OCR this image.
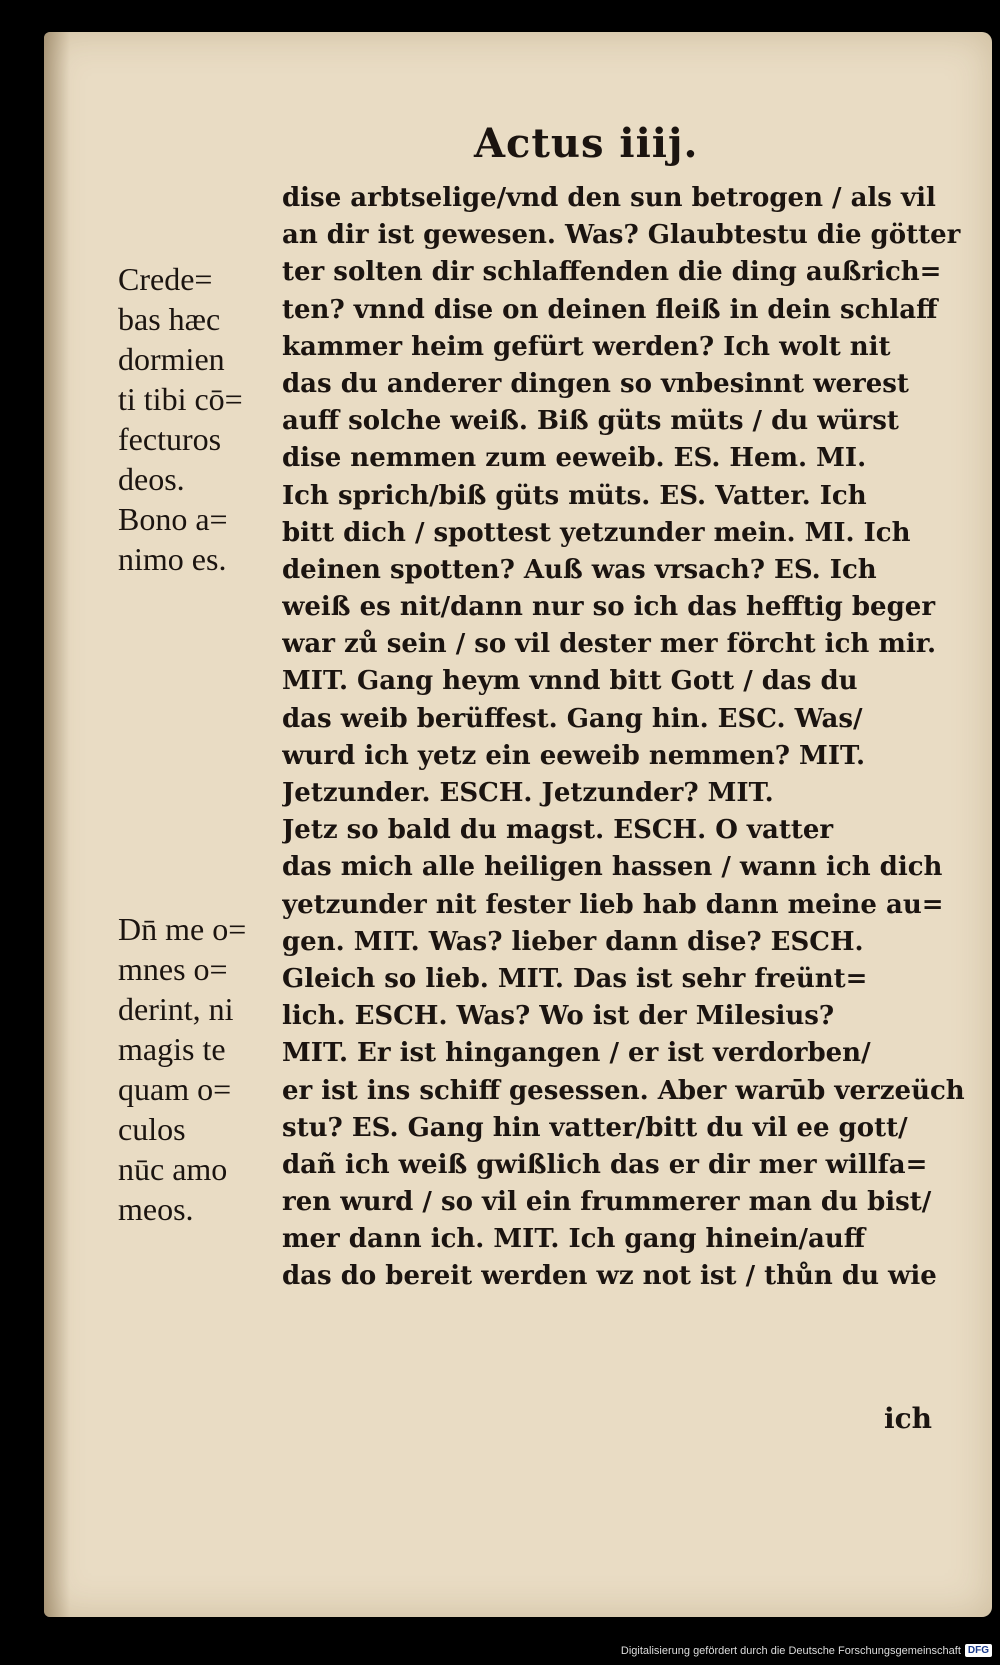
Actus iiij.
Crede=
bas hæc
dormien
ti tibi cō=
fecturos
deos.
Bono a=
nimo es.
Dn̄ me o=
mnes o=
derint, ni
magis te
quam o=
culos
nūc amo
meos.
dise arbtselige/vnd den sun betrogen / als vil
an dir ist gewesen. Was? Glaubtestu die götter
ter solten dir schlaffenden die ding außrich=
ten? vnnd dise on deinen fleiß in dein schlaff
kammer heim gefürt werden? Ich wolt nit
das du anderer dingen so vnbesinnt werest
auff solche weiß. Biß güts müts / du würst
dise nemmen zum eeweib. ES. Hem. MI.
Ich sprich/biß güts müts. ES. Vatter. Ich
bitt dich / spottest yetzunder mein. MI. Ich
deinen spotten? Auß was vrsach? ES. Ich
weiß es nit/dann nur so ich das hefftig beger
war zů sein / so vil dester mer förcht ich mir.
MIT. Gang heym vnnd bitt Gott / das du
das weib berüffest. Gang hin. ESC. Was/
wurd ich yetz ein eeweib nemmen? MIT.
Jetzunder. ESCH. Jetzunder? MIT.
Jetz so bald du magst. ESCH. O vatter
das mich alle heiligen hassen / wann ich dich
yetzunder nit fester lieb hab dann meine au=
gen. MIT. Was? lieber dann dise? ESCH.
Gleich so lieb. MIT. Das ist sehr freünt=
lich. ESCH. Was? Wo ist der Milesius?
MIT. Er ist hingangen / er ist verdorben/
er ist ins schiff gesessen. Aber warūb verzeüch
stu? ES. Gang hin vatter/bitt du vil ee gott/
dañ ich weiß gwißlich das er dir mer willfa=
ren wurd / so vil ein frummerer man du bist/
mer dann ich. MIT. Ich gang hinein/auff
das do bereit werden wz not ist / thůn du wie
ich
Digitalisierung gefördert durch die Deutsche Forschungsgemeinschaft DFG
